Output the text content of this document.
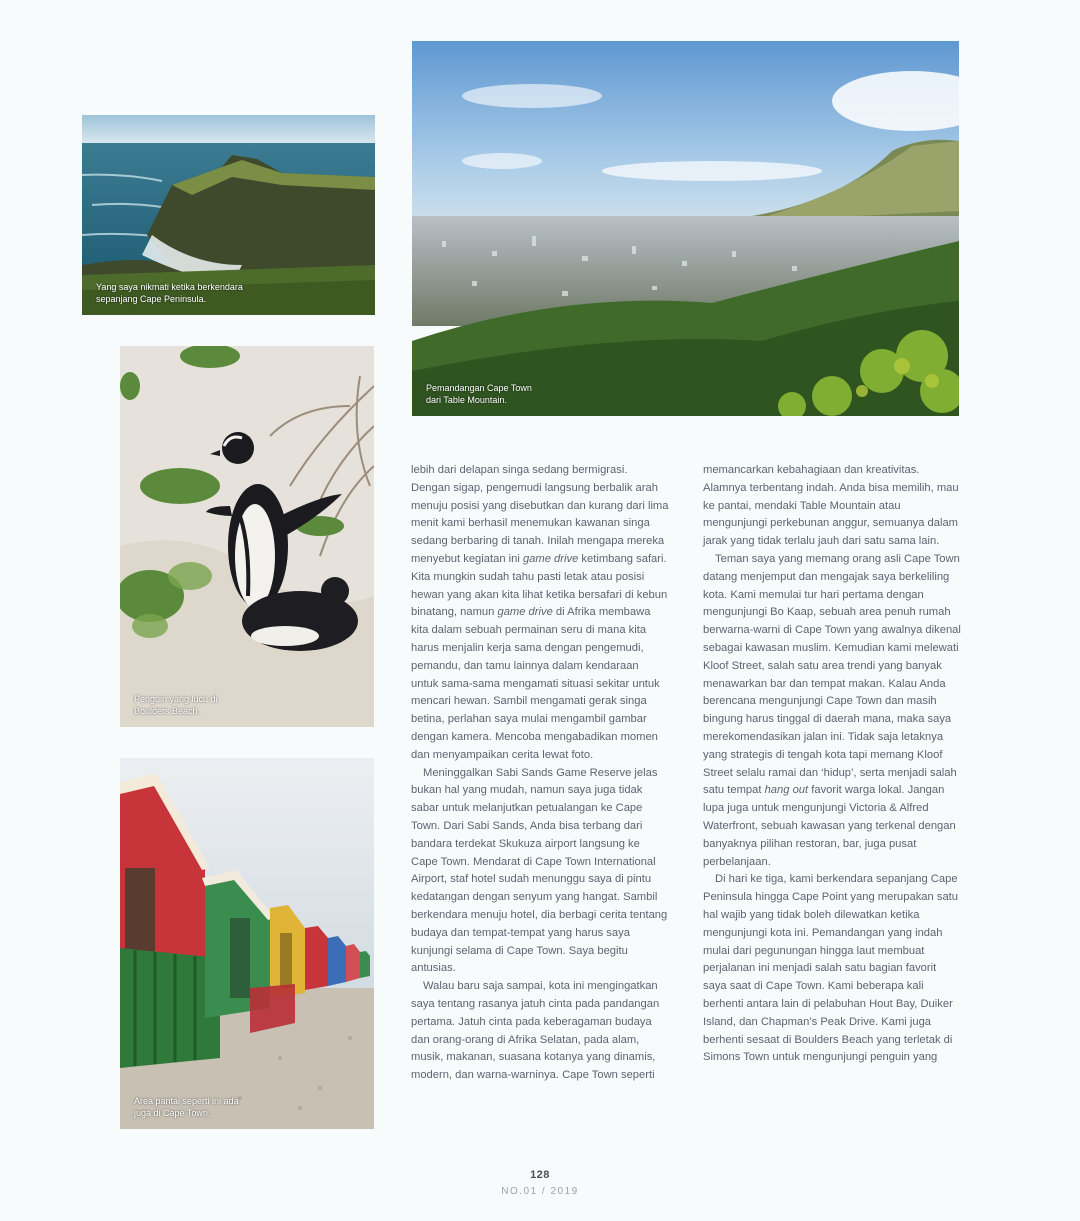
Yang saya nikmati ketika berkendara
sepanjang Cape Peninsula.
Pemandangan Cape Town
dari Table Mountain.
Penguin yang lucu di
Boulders Beach.
Area pantai seperti ini ada
juga di Cape Town.

lebih dari delapan singa sedang bermigrasi. Dengan sigap, pengemudi langsung berbalik arah menuju posisi yang disebutkan dan kurang dari lima menit kami berhasil menemukan kawanan singa sedang berbaring di tanah. Inilah mengapa mereka menyebut kegiatan ini game drive ketimbang safari. Kita mungkin sudah tahu pasti letak atau posisi hewan yang akan kita lihat ketika bersafari di kebun binatang, namun game drive di Afrika membawa kita dalam sebuah permainan seru di mana kita harus menjalin kerja sama dengan pengemudi, pemandu, dan tamu lainnya dalam kendaraan untuk sama-sama mengamati situasi sekitar untuk mencari hewan. Sambil mengamati gerak singa betina, perlahan saya mulai mengambil gambar dengan kamera. Mencoba mengabadikan momen dan menyampaikan cerita lewat foto.

Meninggalkan Sabi Sands Game Reserve jelas bukan hal yang mudah, namun saya juga tidak sabar untuk melanjutkan petualangan ke Cape Town. Dari Sabi Sands, Anda bisa terbang dari bandara terdekat Skukuza airport langsung ke Cape Town. Mendarat di Cape Town International Airport, staf hotel sudah menunggu saya di pintu kedatangan dengan senyum yang hangat. Sambil berkendara menuju hotel, dia berbagi cerita tentang budaya dan tempat-tempat yang harus saya kunjungi selama di Cape Town. Saya begitu antusias.

Walau baru saja sampai, kota ini mengingatkan saya tentang rasanya jatuh cinta pada pandangan pertama. Jatuh cinta pada keberagaman budaya dan orang-orang di Afrika Selatan, pada alam, musik, makanan, suasana kotanya yang dinamis, modern, dan warna-warninya. Cape Town seperti

memancarkan kebahagiaan dan kreativitas. Alamnya terbentang indah. Anda bisa memilih, mau ke pantai, mendaki Table Mountain atau mengunjungi perkebunan anggur, semuanya dalam jarak yang tidak terlalu jauh dari satu sama lain.

Teman saya yang memang orang asli Cape Town datang menjemput dan mengajak saya berkeliling kota. Kami memulai tur hari pertama dengan mengunjungi Bo Kaap, sebuah area penuh rumah berwarna-warni di Cape Town yang awalnya dikenal sebagai kawasan muslim. Kemudian kami melewati Kloof Street, salah satu area trendi yang banyak menawarkan bar dan tempat makan. Kalau Anda berencana mengunjungi Cape Town dan masih bingung harus tinggal di daerah mana, maka saya merekomendasikan jalan ini. Tidak saja letaknya yang strategis di tengah kota tapi memang Kloof Street selalu ramai dan ‘hidup’, serta menjadi salah satu tempat hang out favorit warga lokal. Jangan lupa juga untuk mengunjungi Victoria & Alfred Waterfront, sebuah kawasan yang terkenal dengan banyaknya pilihan restoran, bar, juga pusat perbelanjaan.

Di hari ke tiga, kami berkendara sepanjang Cape Peninsula hingga Cape Point yang merupakan satu hal wajib yang tidak boleh dilewatkan ketika mengunjungi kota ini. Pemandangan yang indah mulai dari pegunungan hingga laut membuat perjalanan ini menjadi salah satu bagian favorit saya saat di Cape Town. Kami beberapa kali berhenti antara lain di pelabuhan Hout Bay, Duiker Island, dan Chapman’s Peak Drive. Kami juga berhenti sesaat di Boulders Beach yang terletak di Simons Town untuk mengunjungi penguin yang

128
NO.01 / 2019
